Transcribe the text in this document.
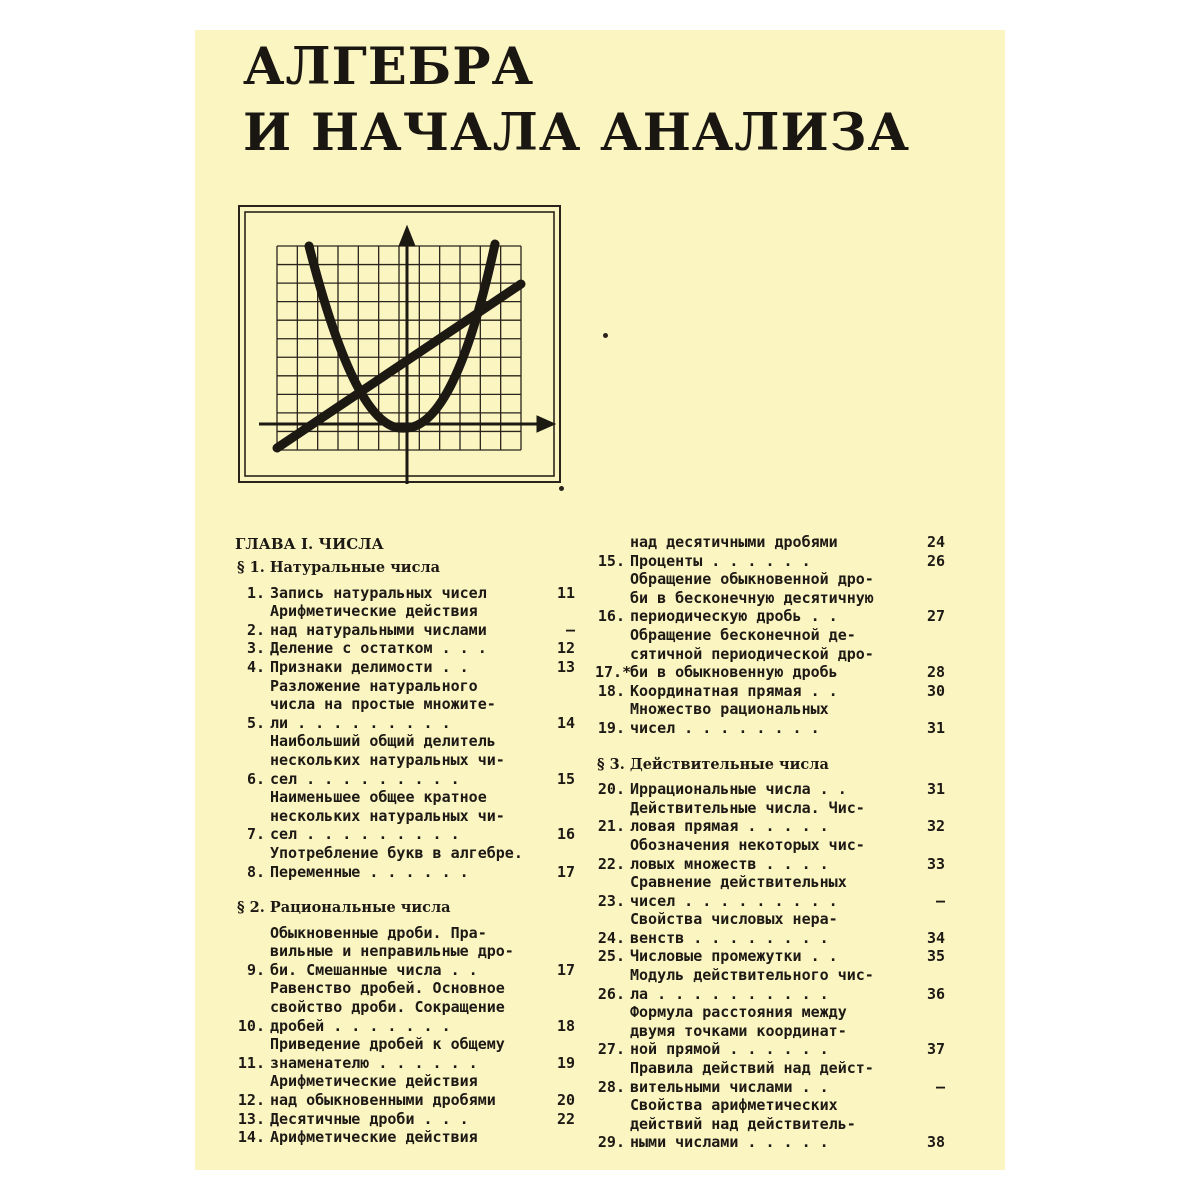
АЛГЕБРА
И НАЧАЛА АНАЛИЗА
ГЛАВА I. ЧИСЛА
§ 1. Натуральные числа
1. Запись натуральных чисел	11
2.
Арифметические действия
над натуральными числами	—
3. Деление с остатком . . .	12
4. Признаки делимости . .	13
5.
Разложение натурального
числа на простые множите-
ли . . . . . . . . .	14
6.
Наибольший общий делитель
нескольких натуральных чи-
сел . . . . . . . . .	15
7.
Наименьшее общее кратное
нескольких натуральных чи-
сел . . . . . . . . .	16
8.
Употребление букв в алгебре.
Переменные . . . . . .	17
§ 2. Рациональные числа
9.
Обыкновенные дроби. Пра-
вильные и неправильные дро-
би. Смешанные числа . .	17
10.
Равенство дробей. Основное
свойство дроби. Сокращение
дробей . . . . . . .	18
11.
Приведение дробей к общему
знаменателю . . . . . .	19
12.
Арифметические действия
над обыкновенными дробями	20
13. Десятичные дроби . . .	22
14. Арифметические действия
над десятичными дробями	24
15. Проценты . . . . . .	26
16.
Обращение обыкновенной дро-
би в бесконечную десятичную
периодическую дробь . .	27
17.*
Обращение бесконечной де-
сятичной периодической дро-
би в обыкновенную дробь	28
18. Координатная прямая . .	30
19.
Множество рациональных
чисел . . . . . . . .	31
§ 3. Действительные числа
20. Иррациональные числа . .	31
21.
Действительные числа. Чис-
ловая прямая . . . . .	32
22.
Обозначения некоторых чис-
ловых множеств . . . .	33
23.
Сравнение действительных
чисел . . . . . . . . .	—
24.
Свойства числовых нера-
венств . . . . . . . .	34
25. Числовые промежутки . .	35
26.
Модуль действительного чис-
ла . . . . . . . . . .	36
27.
Формула расстояния между
двумя точками координат-
ной прямой . . . . . .	37
28.
Правила действий над дейст-
вительными числами . .	—
29.
Свойства арифметических
действий над действитель-
ными числами . . . . .	38
